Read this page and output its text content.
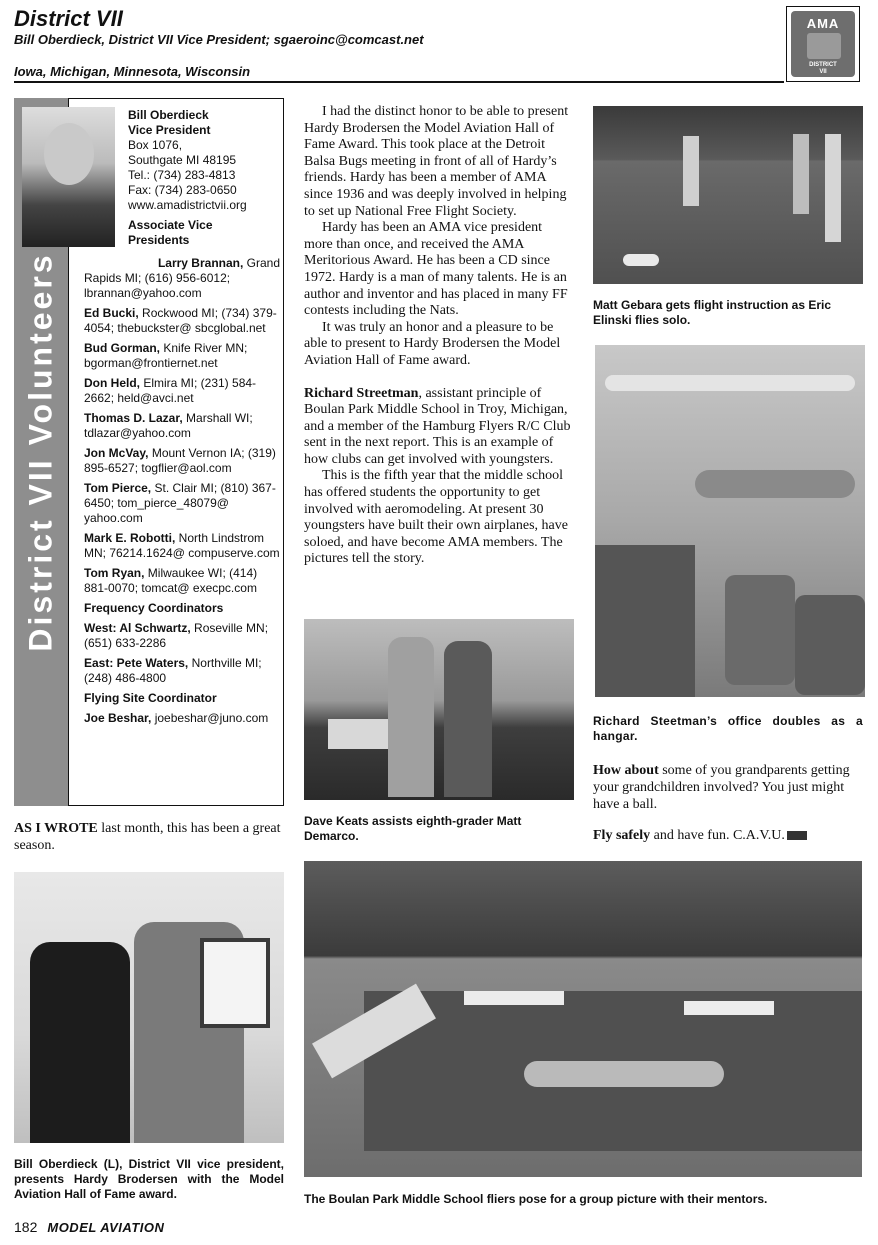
District VII
Bill Oberdieck, District VII Vice President; sgaeroinc@comcast.net
Iowa, Michigan, Minnesota, Wisconsin
AMA
DISTRICT
VII
District VII Volunteers
Bill Oberdieck
Vice President
Box 1076,
Southgate MI 48195
Tel.: (734) 283-4813
Fax: (734) 283-0650
www.amadistrictvii.org
Associate Vice
Presidents

Larry Brannan, Grand

Rapids MI; (616) 956-6012; lbrannan@yahoo.com

Ed Bucki, Rockwood MI; (734) 379-4054; thebuckster@ sbcglobal.net

Bud Gorman, Knife River MN; bgorman@frontiernet.net

Don Held, Elmira MI; (231) 584-2662; held@avci.net

Thomas D. Lazar, Marshall WI; tdlazar@yahoo.com

Jon McVay, Mount Vernon IA; (319) 895-6527; togflier@aol.com

Tom Pierce, St. Clair MI; (810) 367-6450; tom_pierce_48079@ yahoo.com

Mark E. Robotti, North Lindstrom MN; 76214.1624@ compuserve.com

Tom Ryan, Milwaukee WI; (414) 881-0070; tomcat@ execpc.com

Frequency Coordinators

West: Al Schwartz, Roseville MN; (651) 633-2286

East: Pete Waters, Northville MI; (248) 486-4800

Flying Site Coordinator

Joe Beshar, joebeshar@juno.com

I had the distinct honor to be able to present Hardy Brodersen the Model Aviation Hall of Fame Award. This took place at the Detroit Balsa Bugs meeting in front of all of Hardy’s friends. Hardy has been a member of AMA since 1936 and was deeply involved in helping to set up National Free Flight Society.

Hardy has been an AMA vice president more than once, and received the AMA Meritorious Award. He has been a CD since 1972. Hardy is a man of many talents. He is an author and inventor and has placed in many FF contests including the Nats.

It was truly an honor and a pleasure to be able to present to Hardy Brodersen the Model Aviation Hall of Fame award.

Richard Streetman, assistant principle of Boulan Park Middle School in Troy, Michigan, and a member of the Hamburg Flyers R/C Club sent in the next report. This is an example of how clubs can get involved with youngsters.

This is the fifth year that the middle school has offered students the opportunity to get involved with aeromodeling. At present 30 youngsters have built their own airplanes, have soloed, and have become AMA members. The pictures tell the story.

AS I WROTE last month, this has been a great season.
How about some of you grandparents getting your grandchildren involved? You just might have a ball.
Fly safely and have fun. C.A.V.U.
Matt Gebara gets flight instruction as Eric Elinski flies solo.
Richard Steetman’s office doubles as a hangar.
Dave Keats assists eighth-grader Matt Demarco.
Bill Oberdieck (L), District VII vice president, presents Hardy Brodersen with the Model Aviation Hall of Fame award.	The Boulan Park Middle School fliers pose for a group picture with their mentors.
182 MODEL AVIATION
